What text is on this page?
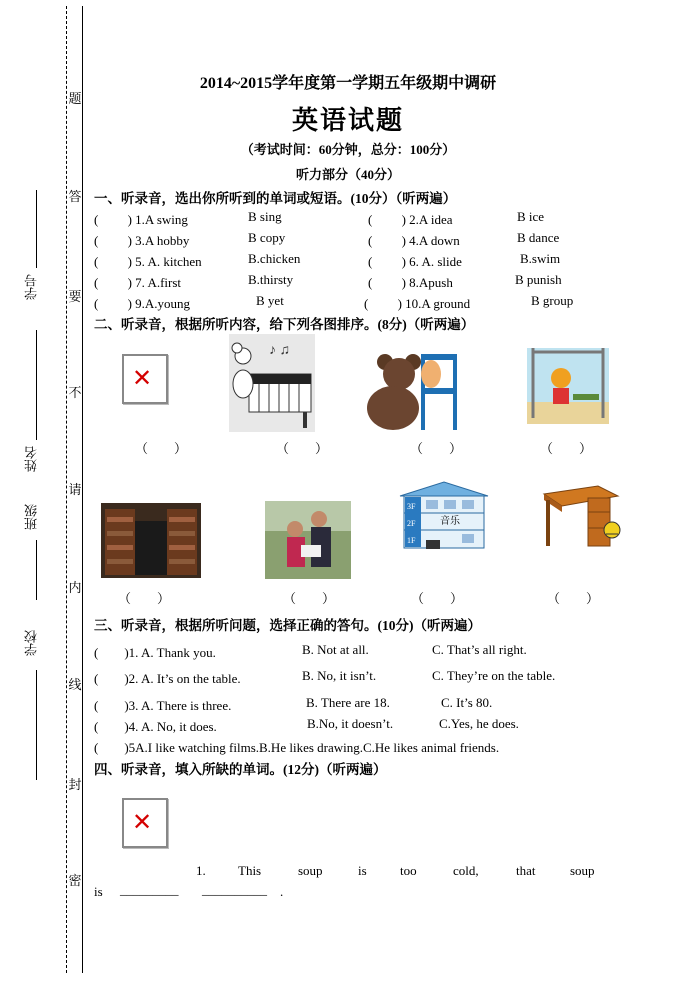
题
答
要
不
请
内
线
封
密
学号
姓名
班级
学校
2014~2015学年度第一学期五年级期中调研
英语试题
（考试时间：60分钟，总分：100分）
听力部分（40分）
一、听录音，选出你所听到的单词或短语。(10分）（听两遍）
(　　 ) 1.A swing	B sing	(　　 ) 2.A idea	B ice
(　　 ) 3.A hobby	B copy	(　　 ) 4.A down	B dance
(　　 ) 5. A. kitchen	B.chicken	(　　 ) 6. A. slide	B.swim
(　　 ) 7. A.first	B.thirsty	(　　 ) 8.Apush	B punish
(　　 ) 9.A.young	B yet	(　　 ) 10.A ground	B group
二、听录音，根据所听内容，给下列各图排序。(8分)（听两遍）
✕
♪ ♫
（　　）	（　　）	（　　）	（　　）
3F
2F
1F
音乐
（　　）	（　　）	（　　）	（　　）
三、听录音，根据所听问题，选择正确的答句。(10分)（听两遍）
(　　)1. A. Thank you.	B. Not at all.	C. That’s all right.
(　　)2. A. It’s on the table.	B. No, it isn’t.	C. They’re on the table.
(　　)3. A. There is three.	B. There are 18.	C. It’s 80.
(　　)4. A. No, it does.	B.No, it doesn’t.	C.Yes, he does.
(　　)5A.I like watching films.B.He likes drawing.C.He likes animal friends.
四、听录音，填入所缺的单词。(12分)（听两遍）
✕
1. This	soup	is	too	cold,	that	soup
is _________ __________ .
